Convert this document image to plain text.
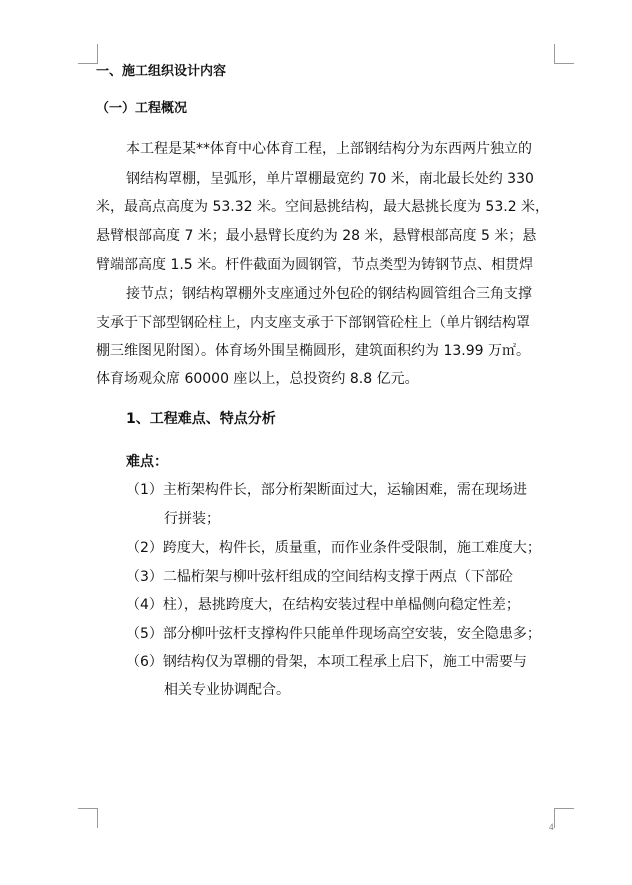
一、施工组织设计内容
（一）工程概况
本工程是某**体育中心体育工程，上部钢结构分为东西两片独立的
钢结构罩棚，呈弧形，单片罩棚最宽约 70 米，南北最长处约 330
米，最高点高度为 53.32 米。空间悬挑结构，最大悬挑长度为 53.2 米，
悬臂根部高度 7 米；最小悬臂长度约为 28 米，悬臂根部高度 5 米；悬
臂端部高度 1.5 米。杆件截面为圆钢管，节点类型为铸钢节点、相贯焊
接节点；钢结构罩棚外支座通过外包砼的钢结构圆管组合三角支撑
支承于下部型钢砼柱上，内支座支承于下部钢管砼柱上（单片钢结构罩
棚三维图见附图）。体育场外围呈椭圆形，建筑面积约为 13.99 万㎡。
体育场观众席 60000 座以上，总投资约 8.8 亿元。
1、工程难点、特点分析
难点：
（1）主桁架构件长，部分桁架断面过大，运输困难，需在现场进
行拼装；
（2）跨度大，构件长，质量重，而作业条件受限制，施工难度大；
（3）二榀桁架与柳叶弦杆组成的空间结构支撑于两点（下部砼
（4）柱），悬挑跨度大，在结构安装过程中单榀侧向稳定性差；
（5）部分柳叶弦杆支撑构件只能单件现场高空安装，安全隐患多；
（6）钢结构仅为罩棚的骨架，本项工程承上启下，施工中需要与
相关专业协调配合。
4
